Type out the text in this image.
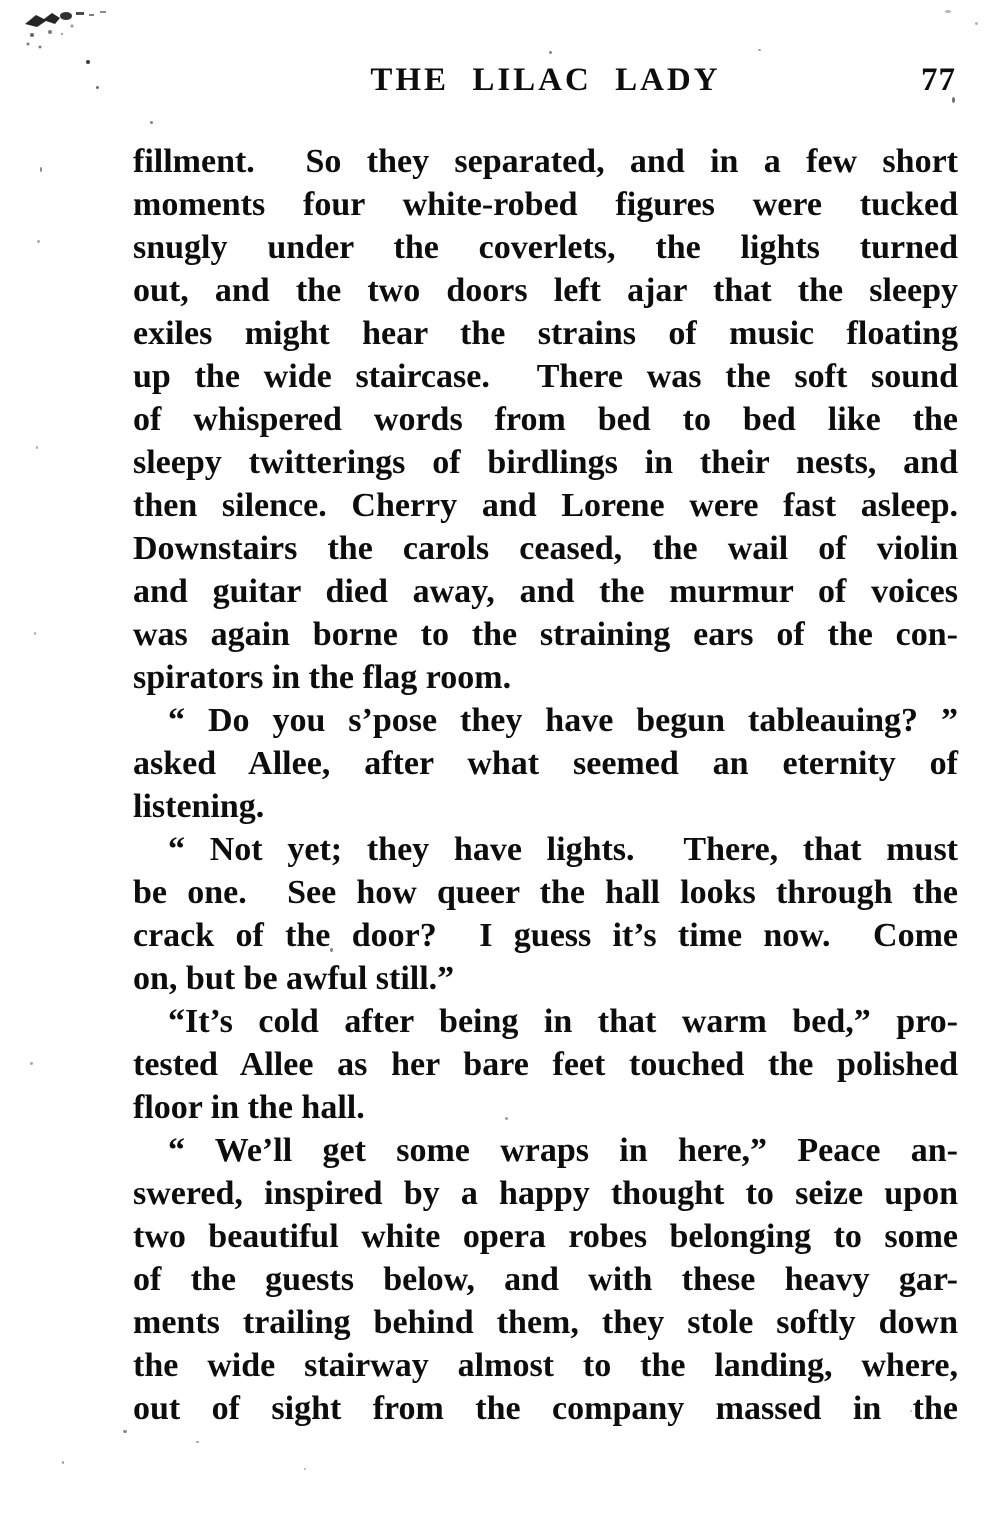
THE LILAC LADY	77
fillment.  So they separated, and in a few short
moments four white-robed figures were tucked
snugly under the coverlets, the lights turned
out, and the two doors left ajar that the sleepy
exiles might hear the strains of music floating
up the wide staircase.  There was the soft sound
of whispered words from bed to bed like the
sleepy twitterings of birdlings in their nests, and
then silence. Cherry and Lorene were fast asleep.
Downstairs the carols ceased, the wail of violin
and guitar died away, and the murmur of voices
was again borne to the straining ears of the con-
spirators in the flag room.
“ Do you s’pose they have begun tableauing? ”
asked Allee, after what seemed an eternity of
listening.
“ Not yet; they have lights.  There, that must
be one.  See how queer the hall looks through the
crack of the door?  I guess it’s time now.  Come
on, but be awful still.”
“It’s cold after being in that warm bed,” pro-
tested Allee as her bare feet touched the polished
floor in the hall.
“ We’ll get some wraps in here,” Peace an-
swered, inspired by a happy thought to seize upon
two beautiful white opera robes belonging to some
of the guests below, and with these heavy gar-
ments trailing behind them, they stole softly down
the wide stairway almost to the landing, where,
out of sight from the company massed in the
